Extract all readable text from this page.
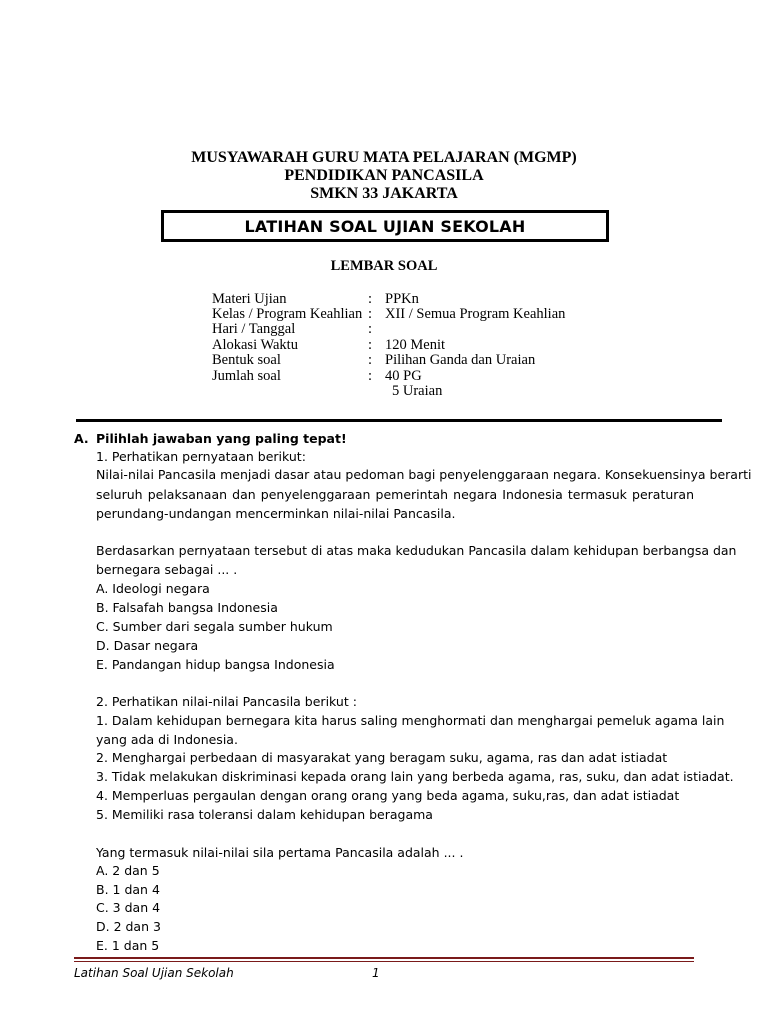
MUSYAWARAH GURU MATA PELAJARAN (MGMP)
PENDIDIKAN PANCASILA
SMKN 33 JAKARTA
LATIHAN SOAL UJIAN SEKOLAH
LEMBAR SOAL
Materi Ujian	: PPKn
Kelas / Program Keahlian : XII / Semua Program Keahlian
Hari / Tanggal	:
Alokasi Waktu	: 120 Menit
Bentuk soal	: Pilihan Ganda dan Uraian
Jumlah soal	: 40 PG
5 Uraian
A. Pilihlah jawaban yang paling tepat!
1. Perhatikan pernyataan berikut:
Nilai-nilai Pancasila menjadi dasar atau pedoman bagi penyelenggaraan negara. Konsekuensinya berarti
seluruh pelaksanaan dan penyelenggaraan pemerintah negara Indonesia termasuk peraturan
perundang-undangan mencerminkan nilai-nilai Pancasila.
Berdasarkan pernyataan tersebut di atas maka kedudukan Pancasila dalam kehidupan berbangsa dan
bernegara sebagai ... .
A. Ideologi negara
B. Falsafah bangsa Indonesia
C. Sumber dari segala sumber hukum
D. Dasar negara
E. Pandangan hidup bangsa Indonesia
2. Perhatikan nilai-nilai Pancasila berikut :
1. Dalam kehidupan bernegara kita harus saling menghormati dan menghargai pemeluk agama lain
yang ada di Indonesia.
2. Menghargai perbedaan di masyarakat yang beragam suku, agama, ras dan adat istiadat
3. Tidak melakukan diskriminasi kepada orang lain yang berbeda agama, ras, suku, dan adat istiadat.
4. Memperluas pergaulan dengan orang orang yang beda agama, suku,ras, dan adat istiadat
5. Memiliki rasa toleransi dalam kehidupan beragama
Yang termasuk nilai-nilai sila pertama Pancasila adalah ... .
A. 2 dan 5
B. 1 dan 4
C. 3 dan 4
D. 2 dan 3
E. 1 dan 5
Latihan Soal Ujian Sekolah	1
